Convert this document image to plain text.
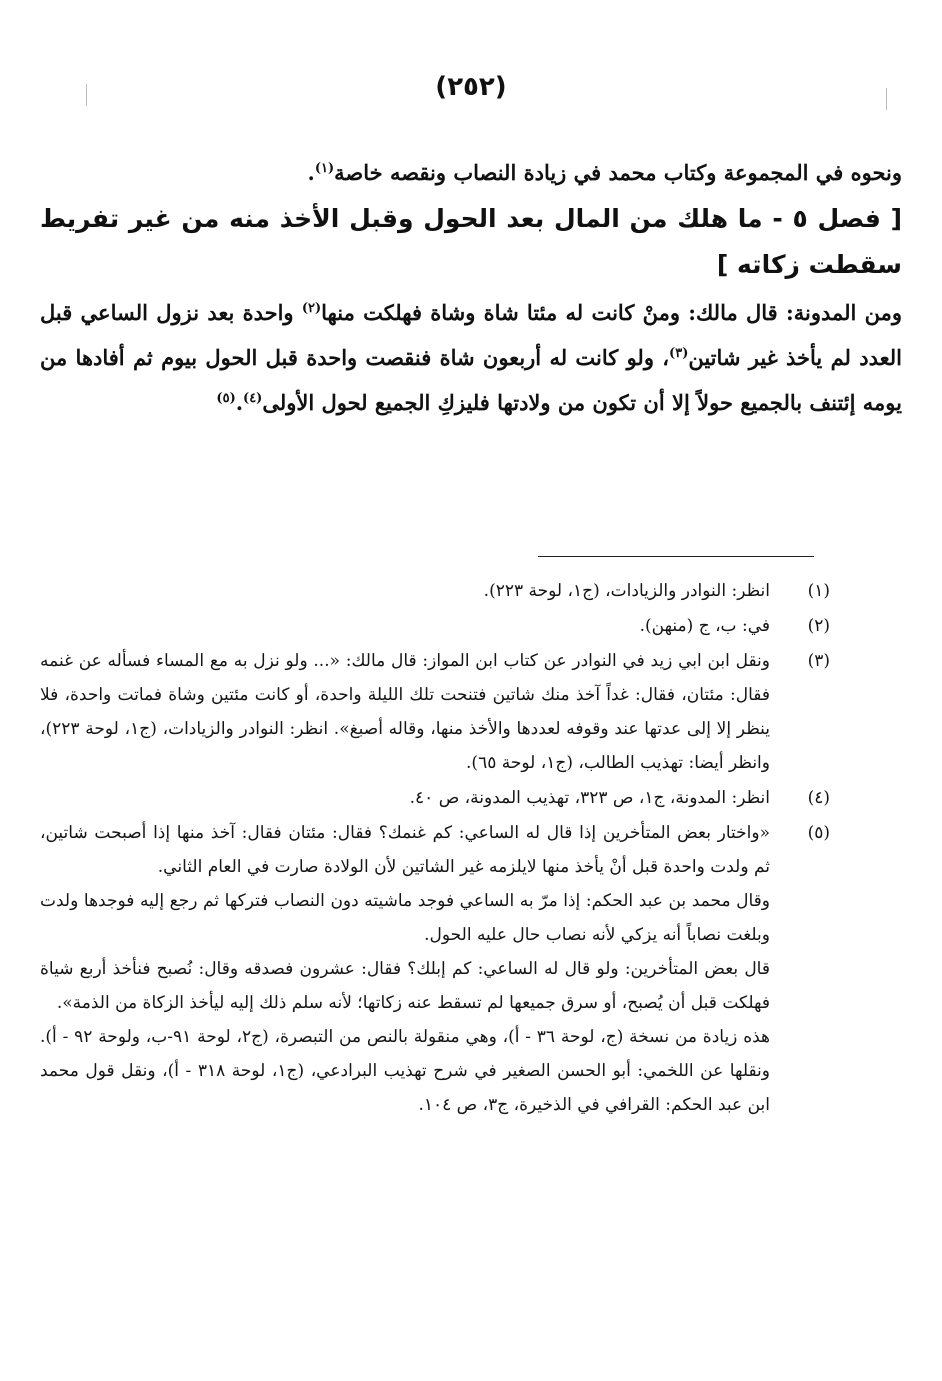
(٢٥٢)
ونحوه في المجموعة وكتاب محمد في زيادة النصاب ونقصه خاصة$^{(١)}$.
[ فصل ٥ - ما هلك من المال بعد الحول وقبل الأخذ منه من غير تفريط سقطت زكاته ]
ومن المدونة: قال مالك: ومنْ كانت له مئتا شاة وشاة فهلكت منها$^{(٢)}$ واحدة بعد نزول الساعي قبل العدد لم يأخذ غير شاتين$^{(٣)}$، ولو كانت له أربعون شاة فنقصت واحدة قبل الحول بيوم ثم أفادها من يومه إئتنف بالجميع حولاً إلا أن تكون من ولادتها فليزكِ الجميع لحول الأولى$^{(٤)}$.$^{(٥)}$
(١)
انظر: النوادر والزيادات، (ج١، لوحة ٢٢٣).
(٢)
في: ب، ج (منهن).
(٣)
ونقل ابن ابي زيد في النوادر عن كتاب ابن المواز: قال مالك: «... ولو نزل به مع المساء فسأله عن غنمه فقال: مئتان، فقال: غداً آخذ منك شاتين فتنحت تلك الليلة واحدة، أو كانت مئتين وشاة فماتت واحدة، فلا ينظر إلا إلى عدتها عند وقوفه لعددها والأخذ منها، وقاله أصبغ». انظر: النوادر والزيادات، (ج١، لوحة ٢٢٣)، وانظر أيضا: تهذيب الطالب، (ج١، لوحة ٦٥).
(٤)
انظر: المدونة، ج١، ص ٣٢٣، تهذيب المدونة، ص ٤٠.
(٥)
«واختار بعض المتأخرين إذا قال له الساعي: كم غنمك؟ فقال: مئتان فقال: آخذ منها إذا أصبحت شاتين، ثم ولدت واحدة قبل أنْ يأخذ منها لايلزمه غير الشاتين لأن الولادة صارت في العام الثاني.
وقال محمد بن عبد الحكم: إذا مرّ به الساعي فوجد ماشيته دون النصاب فتركها ثم رجع إليه فوجدها ولدت وبلغت نصاباً أنه يزكي لأنه نصاب حال عليه الحول.
قال بعض المتأخرين: ولو قال له الساعي: كم إبلك؟ فقال: عشرون فصدقه وقال: نُصبح فنأخذ أربع شياة فهلكت قبل أن يُصبح، أو سرق جميعها لم تسقط عنه زكاتها؛ لأنه سلم ذلك إليه ليأخذ الزكاة من الذمة».
هذه زيادة من نسخة (ج، لوحة ٣٦ - أ)، وهي منقولة بالنص من التبصرة، (ج٢، لوحة ٩١-ب، ولوحة ٩٢ - أ). ونقلها عن اللخمي: أبو الحسن الصغير في شرح تهذيب البرادعي، (ج١، لوحة ٣١٨ - أ)، ونقل قول محمد ابن عبد الحكم: القرافي في الذخيرة، ج٣، ص ١٠٤.
